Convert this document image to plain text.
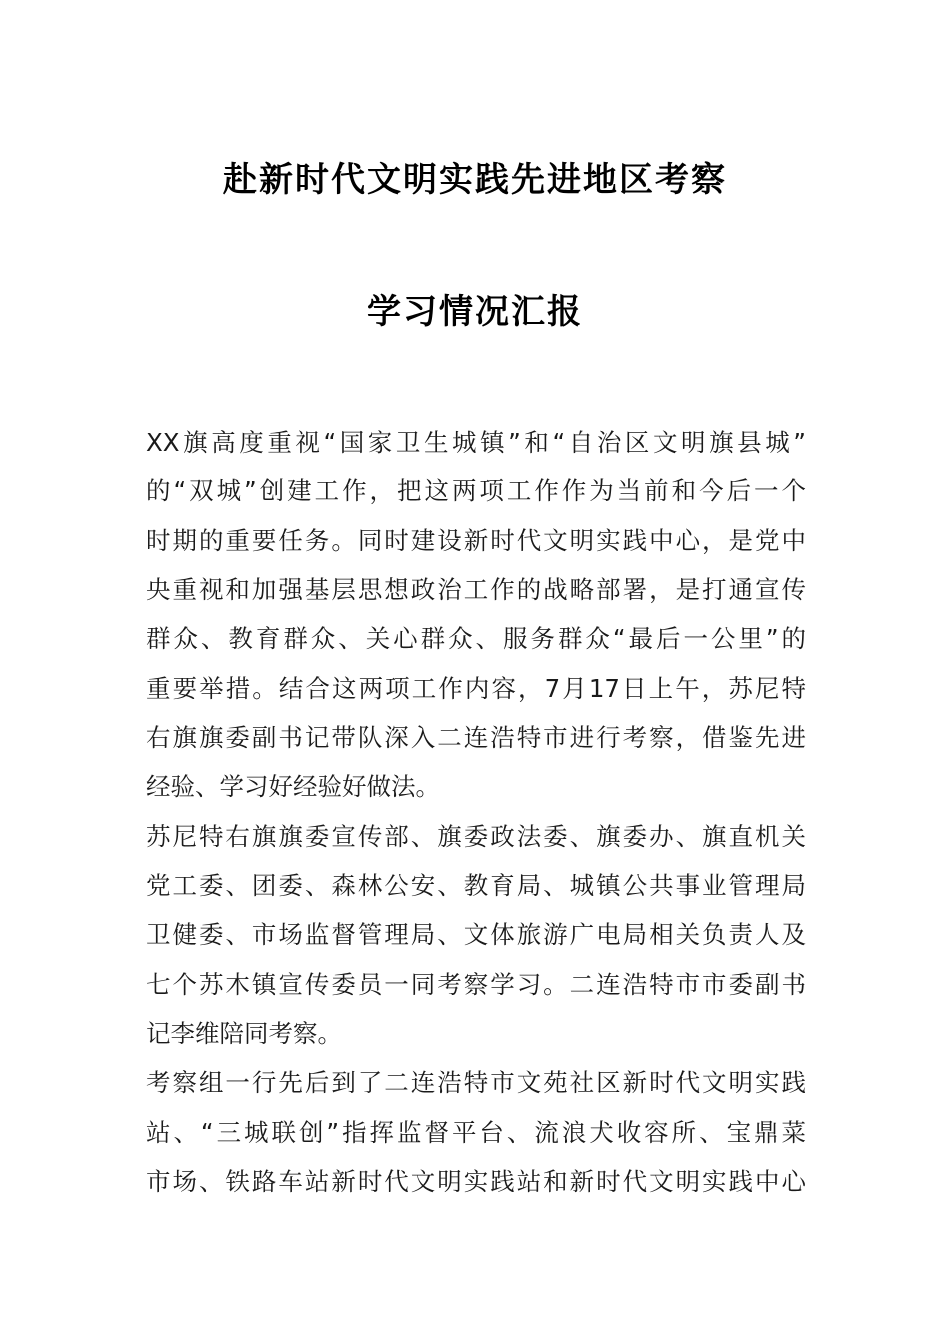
赴新时代文明实践先进地区考察
学习情况汇报
XX旗高度重视“国家卫生城镇”和“自治区文明旗县城”
的“双城”创建工作，把这两项工作作为当前和今后一个
时期的重要任务。同时建设新时代文明实践中心，是党中
央重视和加强基层思想政治工作的战略部署，是打通宣传
群众、教育群众、关心群众、服务群众“最后一公里”的
重要举措。结合这两项工作内容，7月17日上午，苏尼特
右旗旗委副书记带队深入二连浩特市进行考察，借鉴先进
经验、学习好经验好做法。
苏尼特右旗旗委宣传部、旗委政法委、旗委办、旗直机关
党工委、团委、森林公安、教育局、城镇公共事业管理局
卫健委、市场监督管理局、文体旅游广电局相关负责人及
七个苏木镇宣传委员一同考察学习。二连浩特市市委副书
记李维陪同考察。
考察组一行先后到了二连浩特市文苑社区新时代文明实践
站、“三城联创”指挥监督平台、流浪犬收容所、宝鼎菜
市场、铁路车站新时代文明实践站和新时代文明实践中心
